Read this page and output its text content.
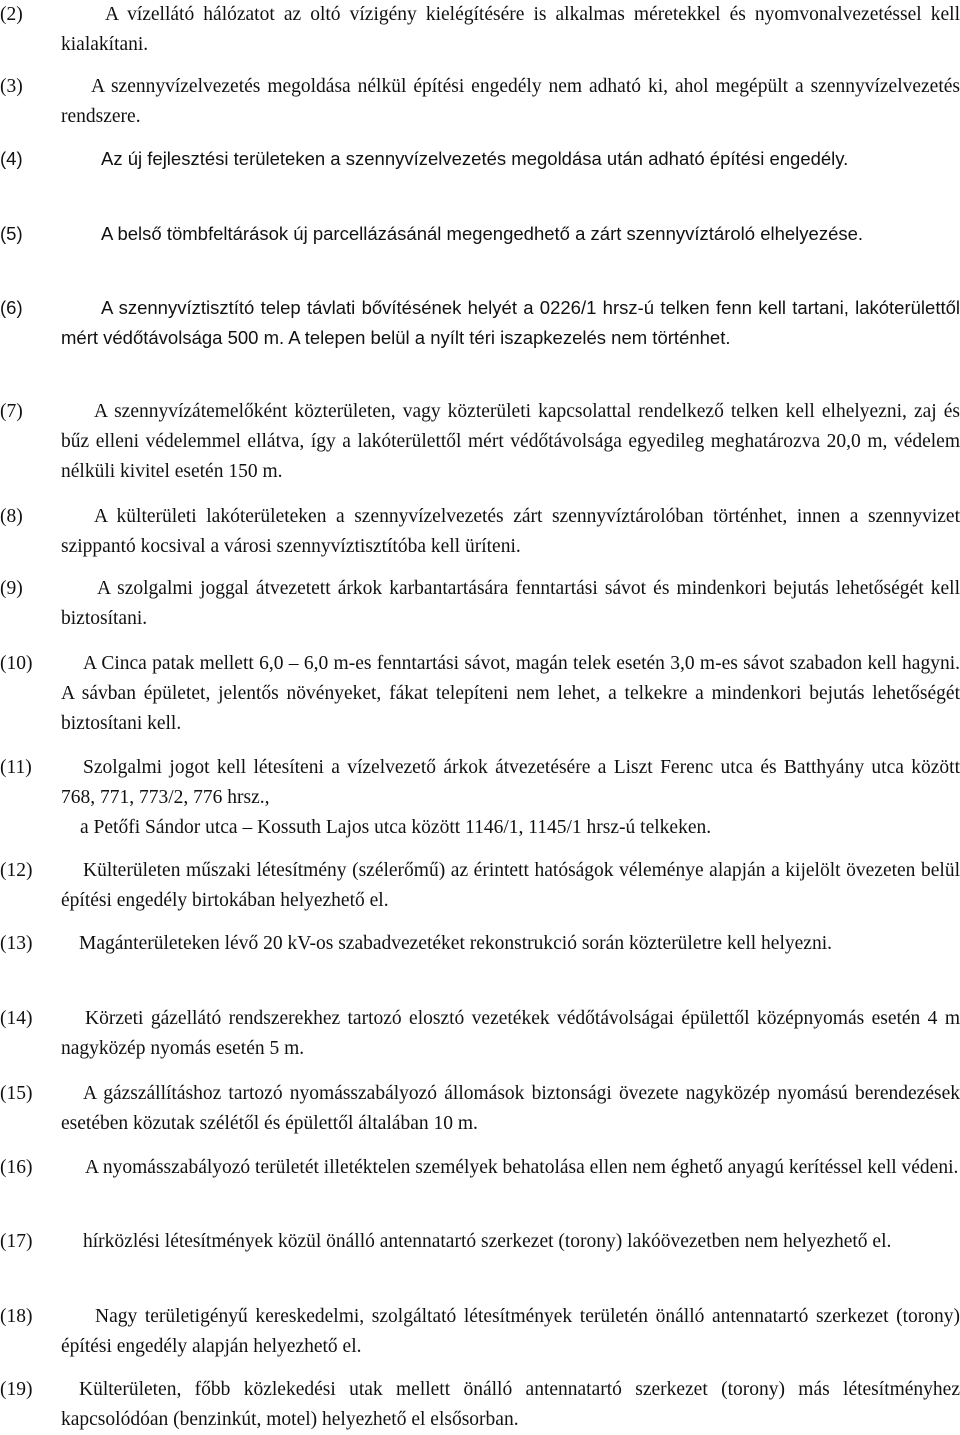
(2)	A vízellátó hálózatot az oltó vízigény kielégítésére is alkalmas méretekkel és nyomvonalvezetéssel kell kialakítani.
(3)	A szennyvízelvezetés megoldása nélkül építési engedély nem adható ki, ahol megépült a szennyvízelvezetés rendszere.
(4)	Az új fejlesztési területeken a szennyvízelvezetés megoldása után adható építési engedély.
(5)	A belső tömbfeltárások új parcellázásánál megengedhető a zárt szennyvíztároló elhelyezése.
(6)	A szennyvíztisztító telep távlati bővítésének helyét a 0226/1 hrsz-ú telken fenn kell tartani, lakóterülettől mért védőtávolsága 500 m. A telepen belül a nyílt téri iszapkezelés nem történhet.
(7)	A szennyvízátemelőként közterületen, vagy közterületi kapcsolattal rendelkező telken kell elhelyezni, zaj és bűz elleni védelemmel ellátva, így a lakóterülettől mért védőtávolsága egyedileg meghatározva 20,0 m, védelem nélküli kivitel esetén 150 m.
(8)	A külterületi lakóterületeken a szennyvízelvezetés zárt szennyvíztárolóban történhet, innen a szennyvizet szippantó kocsival a városi szennyvíztisztítóba kell üríteni.
(9)	A szolgalmi joggal átvezetett árkok karbantartására fenntartási sávot és mindenkori bejutás lehetőségét kell biztosítani.
(10)	A Cinca patak mellett 6,0 – 6,0 m-es fenntartási sávot, magán telek esetén 3,0 m-es sávot szabadon kell hagyni. A sávban épületet, jelentős növényeket, fákat telepíteni nem lehet, a telkekre a mindenkori bejutás lehetőségét biztosítani kell.
(11)	Szolgalmi jogot kell létesíteni a vízelvezető árkok átvezetésére a Liszt Ferenc utca és Batthyány utca között 768, 771, 773/2, 776 hrsz.,
a Petőfi Sándor utca – Kossuth Lajos utca között 1146/1, 1145/1 hrsz-ú telkeken.
(12)	Külterületen műszaki létesítmény (szélerőmű) az érintett hatóságok véleménye alapján a kijelölt övezeten belül építési engedély birtokában helyezhető el.
(13)	Magánterületeken lévő 20 kV-os szabadvezetéket rekonstrukció során közterületre kell helyezni.
(14)	Körzeti gázellátó rendszerekhez tartozó elosztó vezetékek védőtávolságai épülettől középnyomás esetén 4 m nagyközép nyomás esetén 5 m.
(15)	A gázszállításhoz tartozó nyomásszabályozó állomások biztonsági övezete nagyközép nyomású berendezések esetében közutak szélétől és épülettől általában 10 m.
(16)	A nyomásszabályozó területét illetéktelen személyek behatolása ellen nem éghető anyagú kerítéssel kell védeni.
(17)	hírközlési létesítmények közül önálló antennatartó szerkezet (torony) lakóövezetben nem helyezhető el.
(18)	Nagy területigényű kereskedelmi, szolgáltató létesítmények területén önálló antennatartó szerkezet (torony) építési engedély alapján helyezhető el.
(19)	Külterületen, főbb közlekedési utak mellett önálló antennatartó szerkezet (torony) más létesítményhez kapcsolódóan (benzinkút, motel) helyezhető el elsősorban.
